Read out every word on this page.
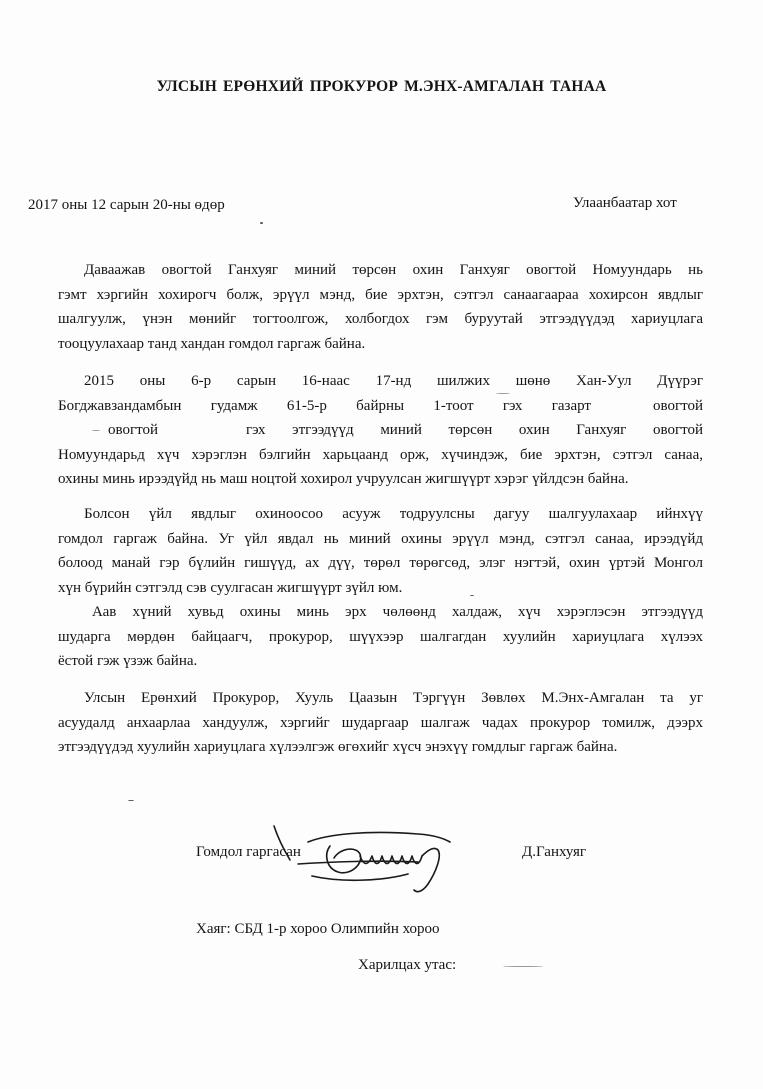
УЛСЫН ЕРӨНХИЙ ПРОКУРОР М.ЭНХ-АМГАЛАН ТАНАА
2017 оны 12 сарын 20-ны өдөр	Улаанбаатар хот
Даваажав овогтой Ганхуяг миний төрсөн охин Ганхуяг овогтой Номуундарь нь
гэмт хэргийн хохирогч болж, эрүүл мэнд, бие эрхтэн, сэтгэл санаагаараа хохирсон явдлыг
шалгуулж, үнэн мөнийг тогтоолгож, холбогдох гэм буруутай этгээдүүдэд хариуцлага
тооцуулахаар танд хандан гомдол гаргаж байна.
2015 оны 6-р сарын 16-наас 17-нд шилжих шөнө Хан-Уул Дүүрэг
Богджавзандамбын гудамж 61-5-р байрны 1-тоот гэх газарт	овогтой
овогтой	гэх этгээдүүд миний төрсөн охин Ганхуяг овогтой
Номуундарьд хүч хэрэглэн бэлгийн харьцаанд орж, хүчиндэж, бие эрхтэн, сэтгэл санаа,
охины минь ирээдүйд нь маш ноцтой хохирол учруулсан жигшүүрт хэрэг үйлдсэн байна.
Болсон үйл явдлыг охиноосоо асууж тодруулсны дагуу шалгуулахаар ийнхүү
гомдол гаргаж байна. Уг үйл явдал нь миний охины эрүүл мэнд, сэтгэл санаа, ирээдүйд
болоод манай гэр бүлийн гишүүд, ах дүү, төрөл төрөгсөд, элэг нэгтэй, охин үртэй Монгол
хүн бүрийн сэтгэлд сэв суулгасан жигшүүрт зүйл юм.
Аав хүний хувьд охины минь эрх чөлөөнд халдаж, хүч хэрэглэсэн этгээдүүд
шударга мөрдөн байцаагч, прокурор, шүүхээр шалгагдан хуулийн хариуцлага хүлээх
ёстой гэж үзэж байна.
Улсын Ерөнхий Прокурор, Хууль Цаазын Тэргүүн Зөвлөх М.Энх-Амгалан та уг
асуудалд анхаарлаа хандуулж, хэргийг шударгаар шалгаж чадах прокурор томилж, дээрх
этгээдүүдэд хуулийн хариуцлага хүлээлгэж өгөхийг хүсч энэхүү гомдлыг гаргаж байна.
Гомдол гаргасан	Д.Ганхуяг
Хаяг: СБД 1-р хороо Олимпийн хороо
Харилцах утас:
